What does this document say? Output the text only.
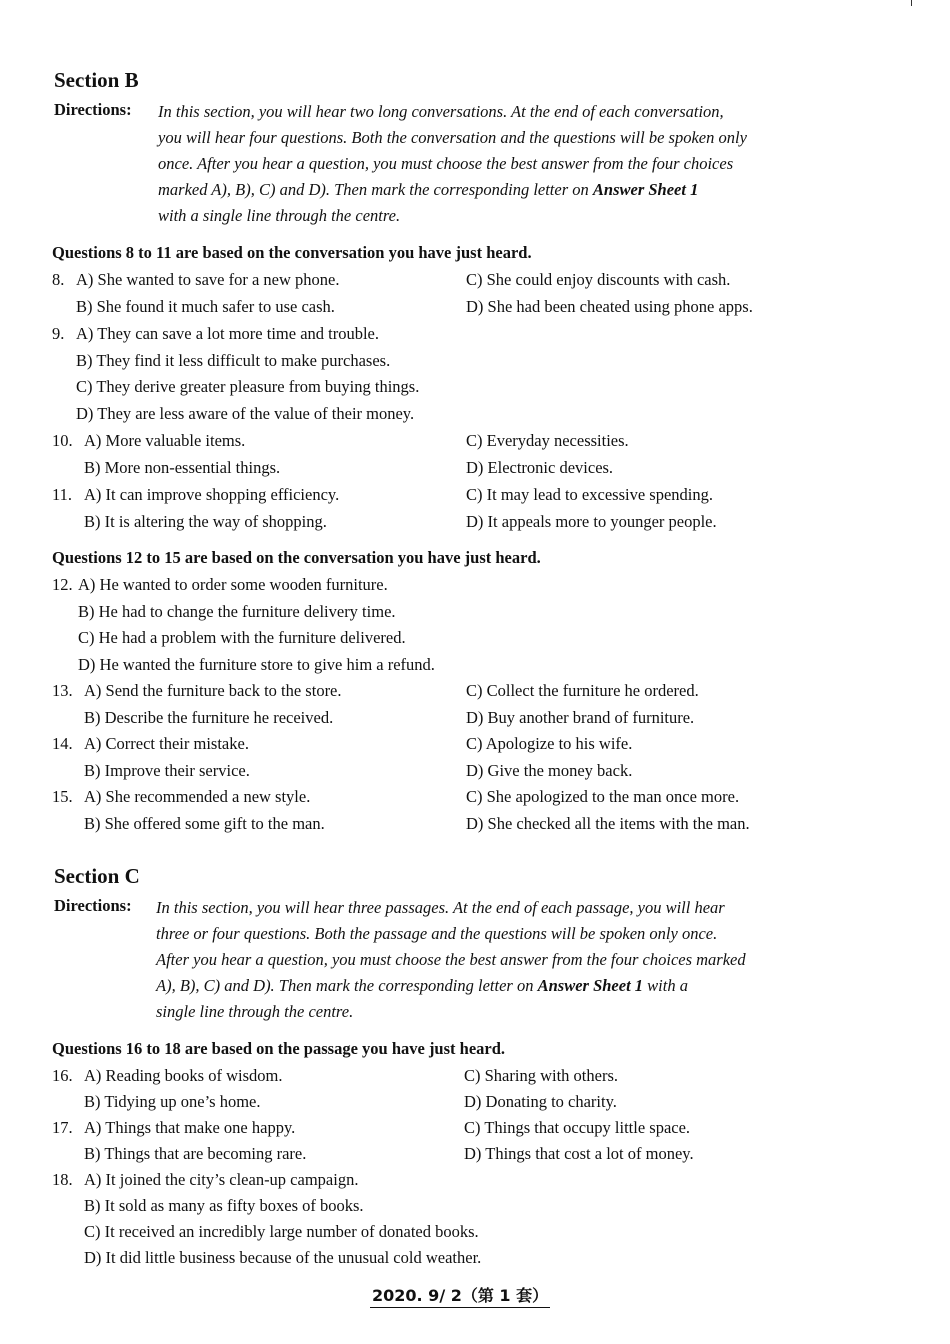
Section B
Directions: In this section, you will hear two long conversations. At the end of each conversation,
you will hear four questions. Both the conversation and the questions will be spoken only
once. After you hear a question, you must choose the best answer from the four choices
marked A), B), C) and D). Then mark the corresponding letter on Answer Sheet 1
with a single line through the centre.
Questions 8 to 11 are based on the conversation you have just heard.
8. A) She wanted to save for a new phone.	C) She could enjoy discounts with cash.
B) She found it much safer to use cash.	D) She had been cheated using phone apps.
9. A) They can save a lot more time and trouble.
B) They find it less difficult to make purchases.
C) They derive greater pleasure from buying things.
D) They are less aware of the value of their money.
10. A) More valuable items.	C) Everyday necessities.
B) More non-essential things.	D) Electronic devices.
11. A) It can improve shopping efficiency.	C) It may lead to excessive spending.
B) It is altering the way of shopping.	D) It appeals more to younger people.
Questions 12 to 15 are based on the conversation you have just heard.
12. A) He wanted to order some wooden furniture.
B) He had to change the furniture delivery time.
C) He had a problem with the furniture delivered.
D) He wanted the furniture store to give him a refund.
13. A) Send the furniture back to the store.	C) Collect the furniture he ordered.
B) Describe the furniture he received.	D) Buy another brand of furniture.
14. A) Correct their mistake.	C) Apologize to his wife.
B) Improve their service.	D) Give the money back.
15. A) She recommended a new style.	C) She apologized to the man once more.
B) She offered some gift to the man.	D) She checked all the items with the man.
Section C
Directions: In this section, you will hear three passages. At the end of each passage, you will hear
three or four questions. Both the passage and the questions will be spoken only once.
After you hear a question, you must choose the best answer from the four choices marked
A), B), C) and D). Then mark the corresponding letter on Answer Sheet 1 with a
single line through the centre.
Questions 16 to 18 are based on the passage you have just heard.
16. A) Reading books of wisdom.	C) Sharing with others.
B) Tidying up one’s home.	D) Donating to charity.
17. A) Things that make one happy.	C) Things that occupy little space.
B) Things that are becoming rare.	D) Things that cost a lot of money.
18. A) It joined the city’s clean-up campaign.
B) It sold as many as fifty boxes of books.
C) It received an incredibly large number of donated books.
D) It did little business because of the unusual cold weather.
2020. 9/ 2（第 1 套）
